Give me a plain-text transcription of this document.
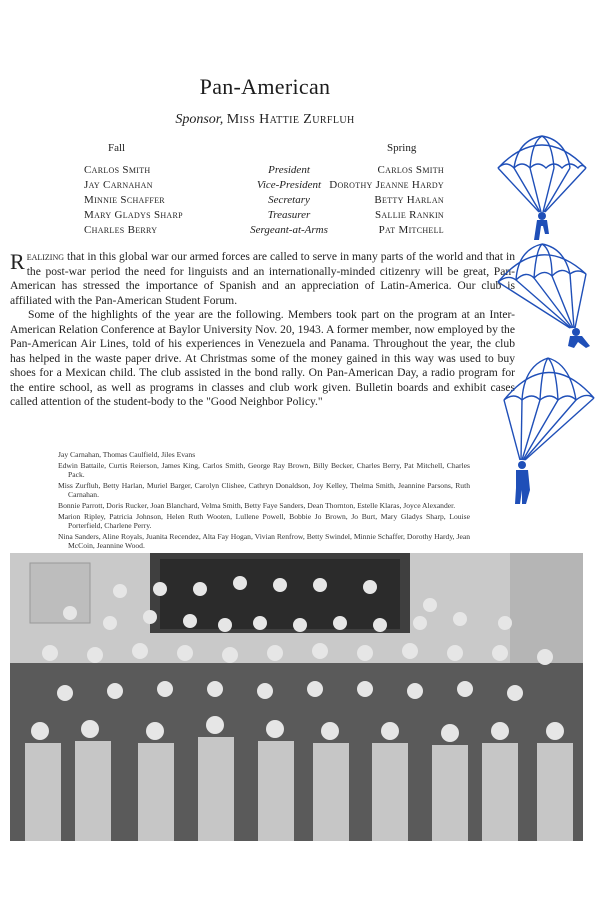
Pan-American
Sponsor, Miss Hattie Zurfluh
Fall	Spring
Carlos Smith	President	Carlos Smith
Jay Carnahan	Vice-President Dorothy Jeanne Hardy
Minnie Schaffer	Secretary	Betty Harlan
Mary Gladys Sharp	Treasurer	Sallie Rankin
Charles Berry	Sergeant-at-Arms	Pat Mitchell

Realizing that in this global war our armed forces are called to serve in many parts of the world and that in the post-war period the need for linguists and an internationally-minded citizenry will be great, Pan-American has stressed the importance of Spanish and an appreciation of Latin-America. Our club is affiliated with the Pan-American Student Forum.

Some of the highlights of the year are the following. Members took part on the program at an Inter-American Relation Conference at Baylor University Nov. 20, 1943. A former member, now employed by the Pan-American Air Lines, told of his experiences in Venezuela and Panama. Throughout the year, the club has helped in the waste paper drive. At Christmas some of the money gained in this way was used to buy shoes for a Mexican child. The club assisted in the bond rally. On Pan-American Day, a radio program for the entire school, as well as programs in classes and club work given. Bulletin boards and exhibit cases called attention of the student-body to the "Good Neighbor Policy."

Jay Carnahan, Thomas Caulfield, Jiles Evans
Edwin Battaile, Curtis Reierson, James King, Carlos Smith, George Ray Brown, Billy Becker, Charles Berry, Pat Mitchell, Charles Pack.
Miss Zurfluh, Betty Harlan, Muriel Barger, Carolyn Clishee, Cathryn Donaldson, Joy Kelley, Thelma Smith, Jeannine Parsons, Ruth Carnahan.
Bonnie Parrott, Doris Rucker, Joan Blanchard, Velma Smith, Betty Faye Sanders, Dean Thornton, Estelle Klaras, Joyce Alexander.
Marion Ripley, Patricia Johnson, Helen Ruth Wooten, Lullene Powell, Bobbie Jo Brown, Jo Burt, Mary Gladys Sharp, Louise Porterfield, Charlene Perry.
Nina Sanders, Aline Royals, Juanita Recendez, Alta Fay Hogan, Vivian Renfrow, Betty Swindel, Minnie Schaffer, Dorothy Hardy, Jean McCoin, Jeannine Wood.
